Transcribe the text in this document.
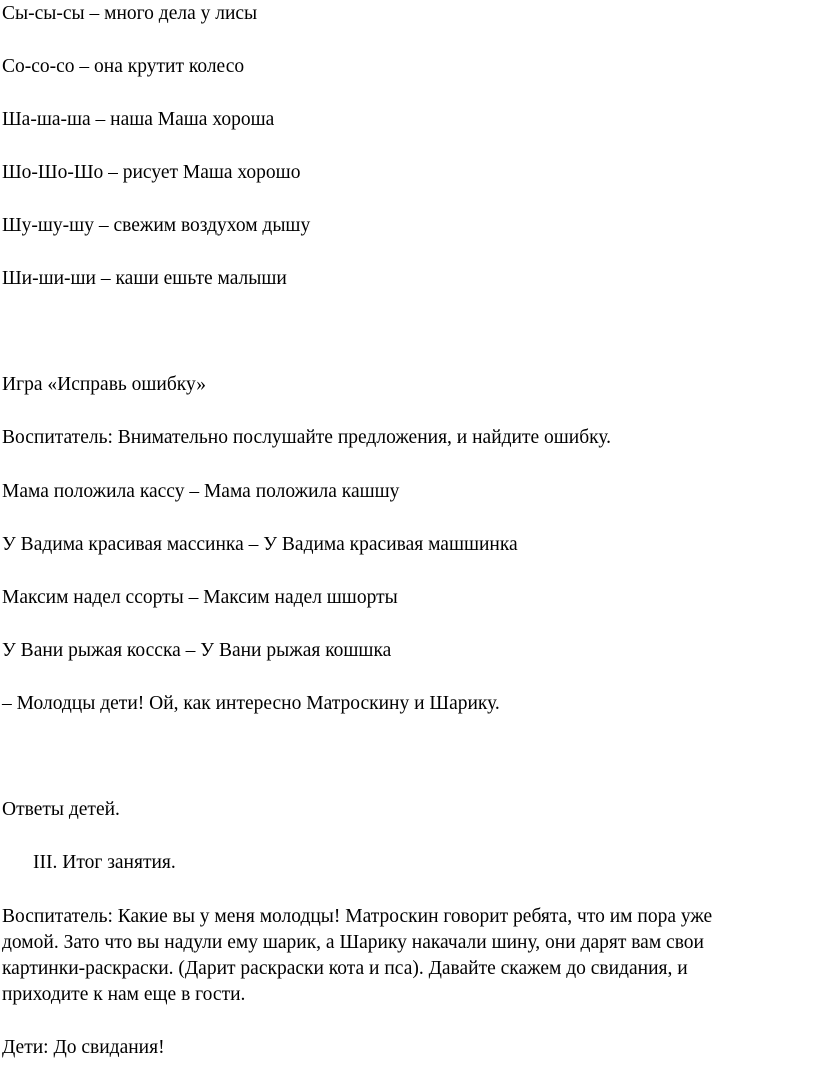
Сы-сы-сы – много дела у лисы
Со-со-со – она крутит колесо
Ша-ша-ша – наша Маша хороша
Шо-Шо-Шо – рисует Маша хорошо
Шу-шу-шу – свежим воздухом дышу
Ши-ши-ши – каши ешьте малыши
Игра «Исправь ошибку»
Воспитатель: Внимательно послушайте предложения, и найдите ошибку.
Мама положила кассу – Мама положила кашшу
У Вадима красивая массинка – У Вадима красивая машшинка
Максим надел ссорты – Максим надел шшорты
У Вани рыжая косска – У Вани рыжая кошшка
– Молодцы дети! Ой, как интересно Матроскину и Шарику.
Ответы детей.
III. Итог занятия.
Воспитатель: Какие вы у меня молодцы! Матроскин говорит ребята, что им пора уже
домой. Зато что вы надули ему шарик, а Шарику накачали шину, они дарят вам свои
картинки-раскраски. (Дарит раскраски кота и пса). Давайте скажем до свидания, и
приходите к нам еще в гости.
Дети: До свидания!
